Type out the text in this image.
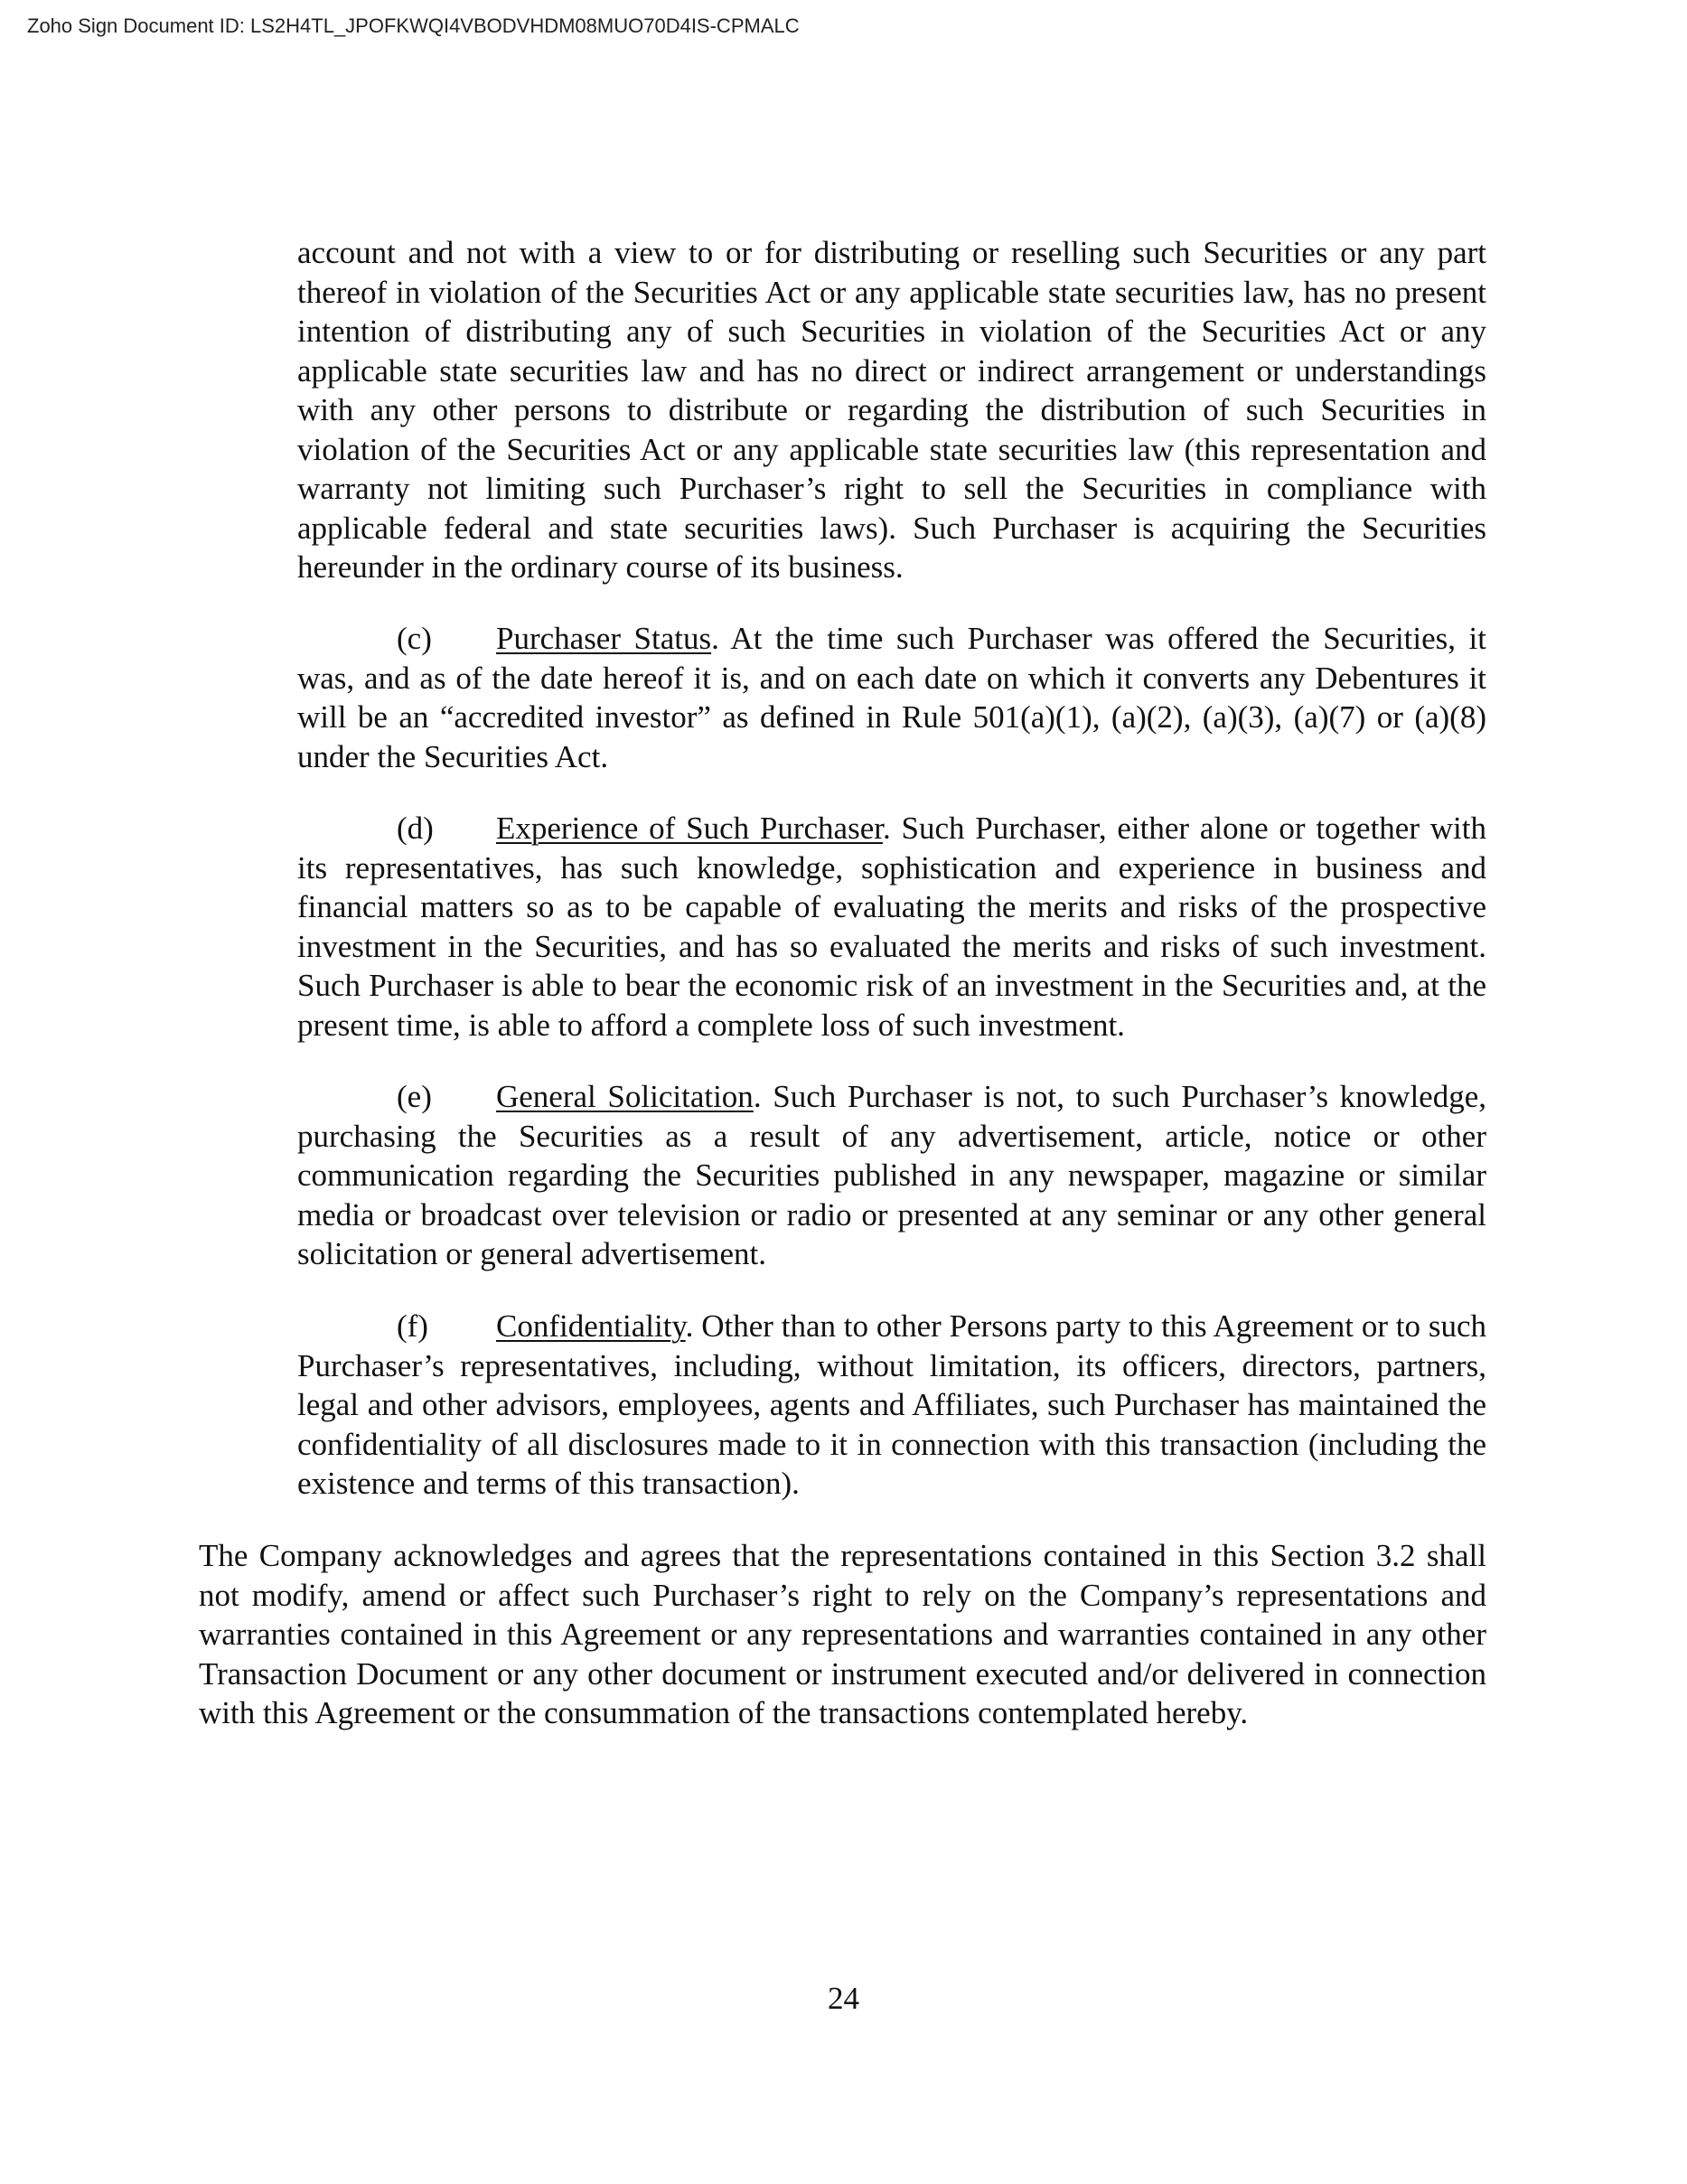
Zoho Sign Document ID: LS2H4TL_JPOFKWQI4VBODVHDM08MUO70D4IS-CPMALC

account and not with a view to or for distributing or reselling such Securities or any part thereof in violation of the Securities Act or any applicable state securities law, has no present intention of distributing any of such Securities in violation of the Securities Act or any applicable state securities law and has no direct or indirect arrangement or understandings with any other persons to distribute or regarding the distribution of such Securities in violation of the Securities Act or any applicable state securities law (this representation and warranty not limiting such Purchaser’s right to sell the Securities in compliance with applicable federal and state securities laws). Such Purchaser is acquiring the Securities hereunder in the ordinary course of its business.

(c) Purchaser Status. At the time such Purchaser was offered the Securities, it was, and as of the date hereof it is, and on each date on which it converts any Debentures it will be an “accredited investor” as defined in Rule 501(a)(1), (a)(2), (a)(3), (a)(7) or (a)(8) under the Securities Act.

(d) Experience of Such Purchaser. Such Purchaser, either alone or together with its representatives, has such knowledge, sophistication and experience in business and financial matters so as to be capable of evaluating the merits and risks of the prospective investment in the Securities, and has so evaluated the merits and risks of such investment. Such Purchaser is able to bear the economic risk of an investment in the Securities and, at the present time, is able to afford a complete loss of such investment.

(e) General Solicitation. Such Purchaser is not, to such Purchaser’s knowledge, purchasing the Securities as a result of any advertisement, article, notice or other communication regarding the Securities published in any newspaper, magazine or similar media or broadcast over television or radio or presented at any seminar or any other general solicitation or general advertisement.

(f) Confidentiality. Other than to other Persons party to this Agreement or to such Purchaser’s representatives, including, without limitation, its officers, directors, partners, legal and other advisors, employees, agents and Affiliates, such Purchaser has maintained the confidentiality of all disclosures made to it in connection with this transaction (including the existence and terms of this transaction).

The Company acknowledges and agrees that the representations contained in this Section 3.2 shall not modify, amend or affect such Purchaser’s right to rely on the Company’s representations and warranties contained in this Agreement or any representations and warranties contained in any other Transaction Document or any other document or instrument executed and/or delivered in connection with this Agreement or the consummation of the transactions contemplated hereby.

24
